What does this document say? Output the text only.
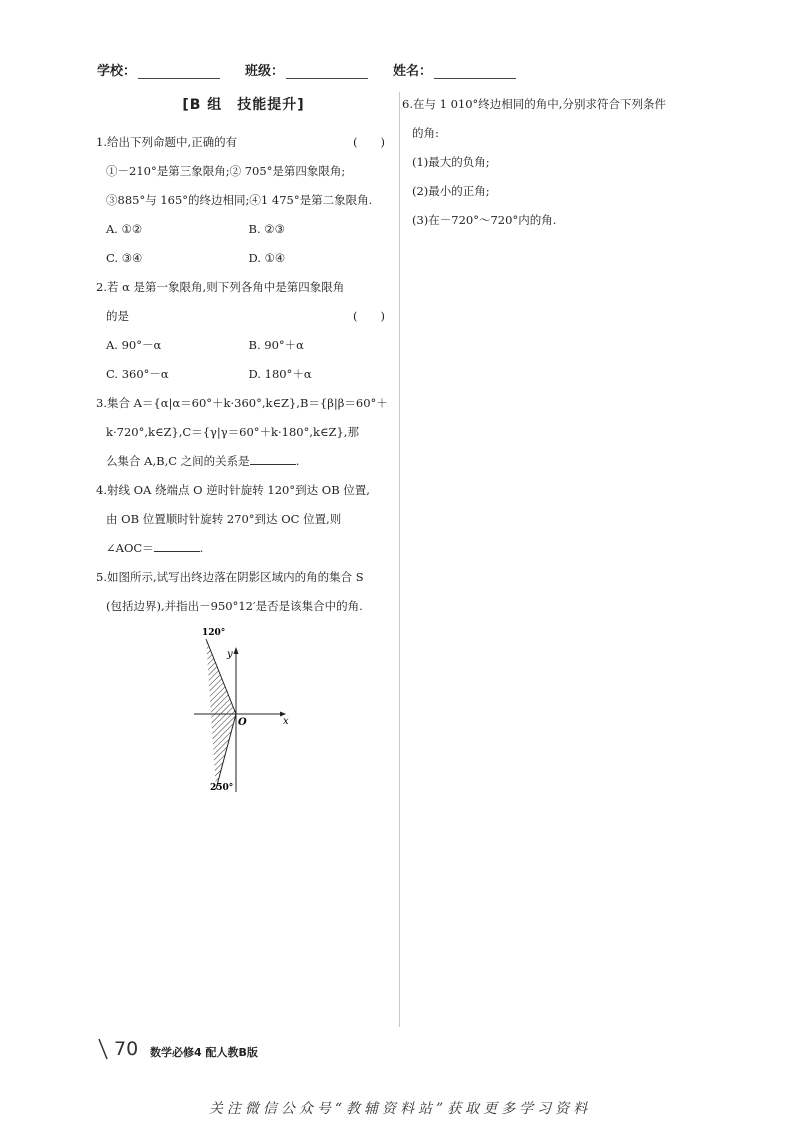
学校：	班级：	姓名：
[B 组　技能提升]

1.给出下列命题中,正确的有	(　　)

①－210°是第三象限角;② 705°是第四象限角;

③885°与 165°的终边相同;④1 475°是第二象限角.

A. ①②	B. ②③
C. ③④	D. ①④

2.若 α 是第一象限角,则下列各角中是第四象限角

的是	(　　)

A. 90°－α	B. 90°＋α
C. 360°－α	D. 180°＋α

3.集合 A＝{α|α＝60°＋k·360°,k∈Z},B＝{β|β＝60°＋

k·720°,k∈Z},C＝{γ|γ＝60°＋k·180°,k∈Z},那

么集合 A,B,C 之间的关系是	.

4.射线 OA 绕端点 O 逆时针旋转 120°到达 OB 位置,

由 OB 位置顺时针旋转 270°到达 OC 位置,则

∠AOC＝	.

5.如图所示,试写出终边落在阴影区域内的角的集合 S

(包括边界),并指出－950°12′是否是该集合中的角.

120°
250°
x
y
O

6.在与 1 010°终边相同的角中,分别求符合下列条件

的角:

(1)最大的负角;

(2)最小的正角;

(3)在－720°～720°内的角.

70 数学必修4 配人教B版
关注微信公众号“教辅资料站”获取更多学习资料
